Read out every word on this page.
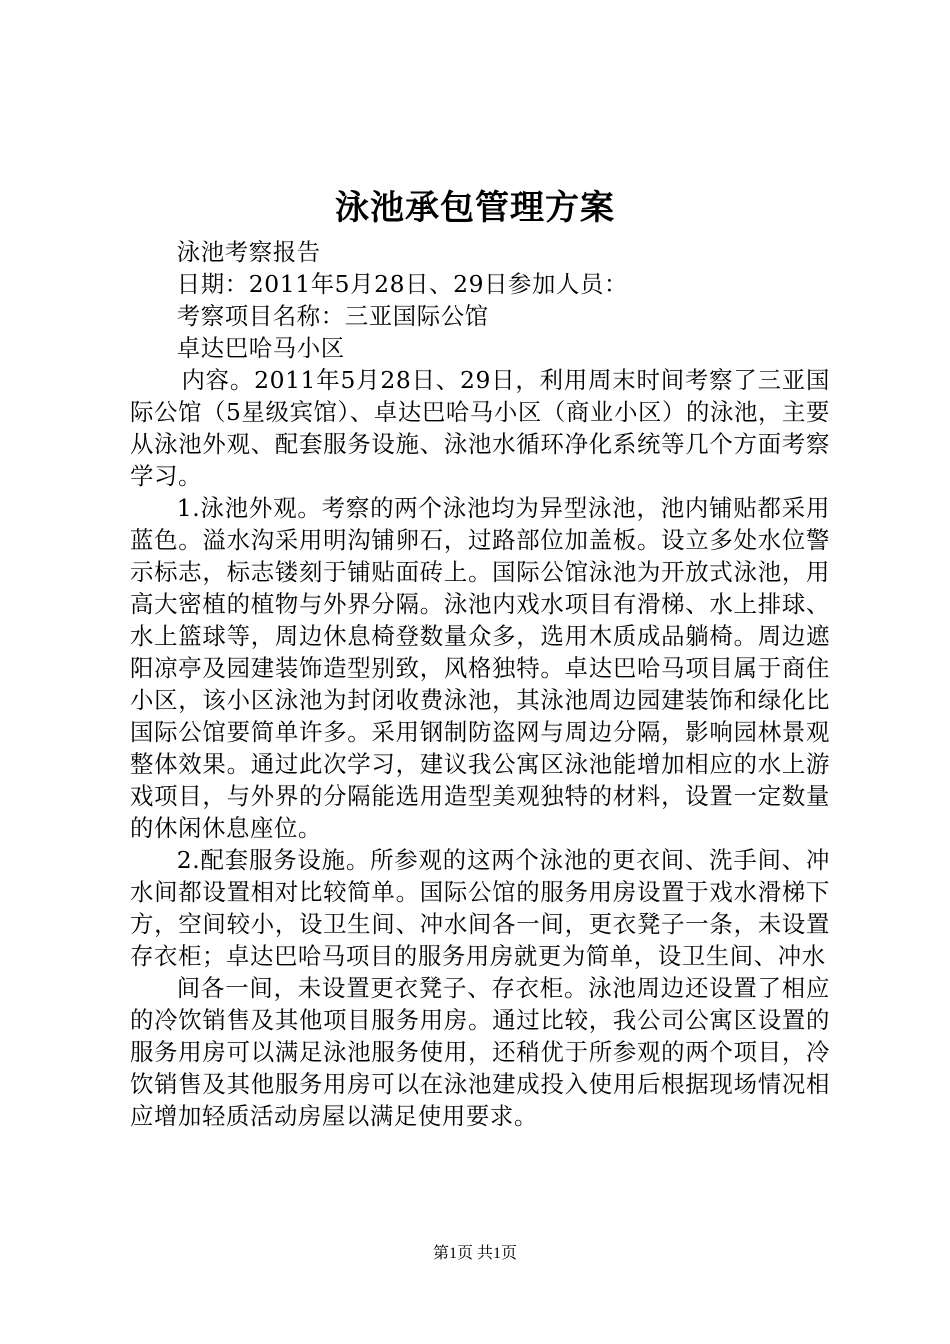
泳池承包管理方案

泳池考察报告

日期：2011年5月28日、29日参加人员：

考察项目名称：三亚国际公馆

卓达巴哈马小区

内容。2011年5月28日、29日，利用周末时间考察了三亚国际公馆（5星级宾馆）、卓达巴哈马小区（商业小区）的泳池，主要从泳池外观、配套服务设施、泳池水循环净化系统等几个方面考察学习。

1.泳池外观。考察的两个泳池均为异型泳池，池内铺贴都采用蓝色。溢水沟采用明沟铺卵石，过路部位加盖板。设立多处水位警示标志，标志镂刻于铺贴面砖上。国际公馆泳池为开放式泳池，用高大密植的植物与外界分隔。泳池内戏水项目有滑梯、水上排球、水上篮球等，周边休息椅登数量众多，选用木质成品躺椅。周边遮阳凉亭及园建装饰造型别致，风格独特。卓达巴哈马项目属于商住小区，该小区泳池为封闭收费泳池，其泳池周边园建装饰和绿化比国际公馆要简单许多。采用钢制防盗网与周边分隔，影响园林景观整体效果。通过此次学习，建议我公寓区泳池能增加相应的水上游戏项目，与外界的分隔能选用造型美观独特的材料，设置一定数量的休闲休息座位。

2.配套服务设施。所参观的这两个泳池的更衣间、洗手间、冲水间都设置相对比较简单。国际公馆的服务用房设置于戏水滑梯下方，空间较小，设卫生间、冲水间各一间，更衣凳子一条，未设置存衣柜；卓达巴哈马项目的服务用房就更为简单，设卫生间、冲水

间各一间，未设置更衣凳子、存衣柜。泳池周边还设置了相应的冷饮销售及其他项目服务用房。通过比较，我公司公寓区设置的服务用房可以满足泳池服务使用，还稍优于所参观的两个项目，冷饮销售及其他服务用房可以在泳池建成投入使用后根据现场情况相应增加轻质活动房屋以满足使用要求。

第1页 共1页
